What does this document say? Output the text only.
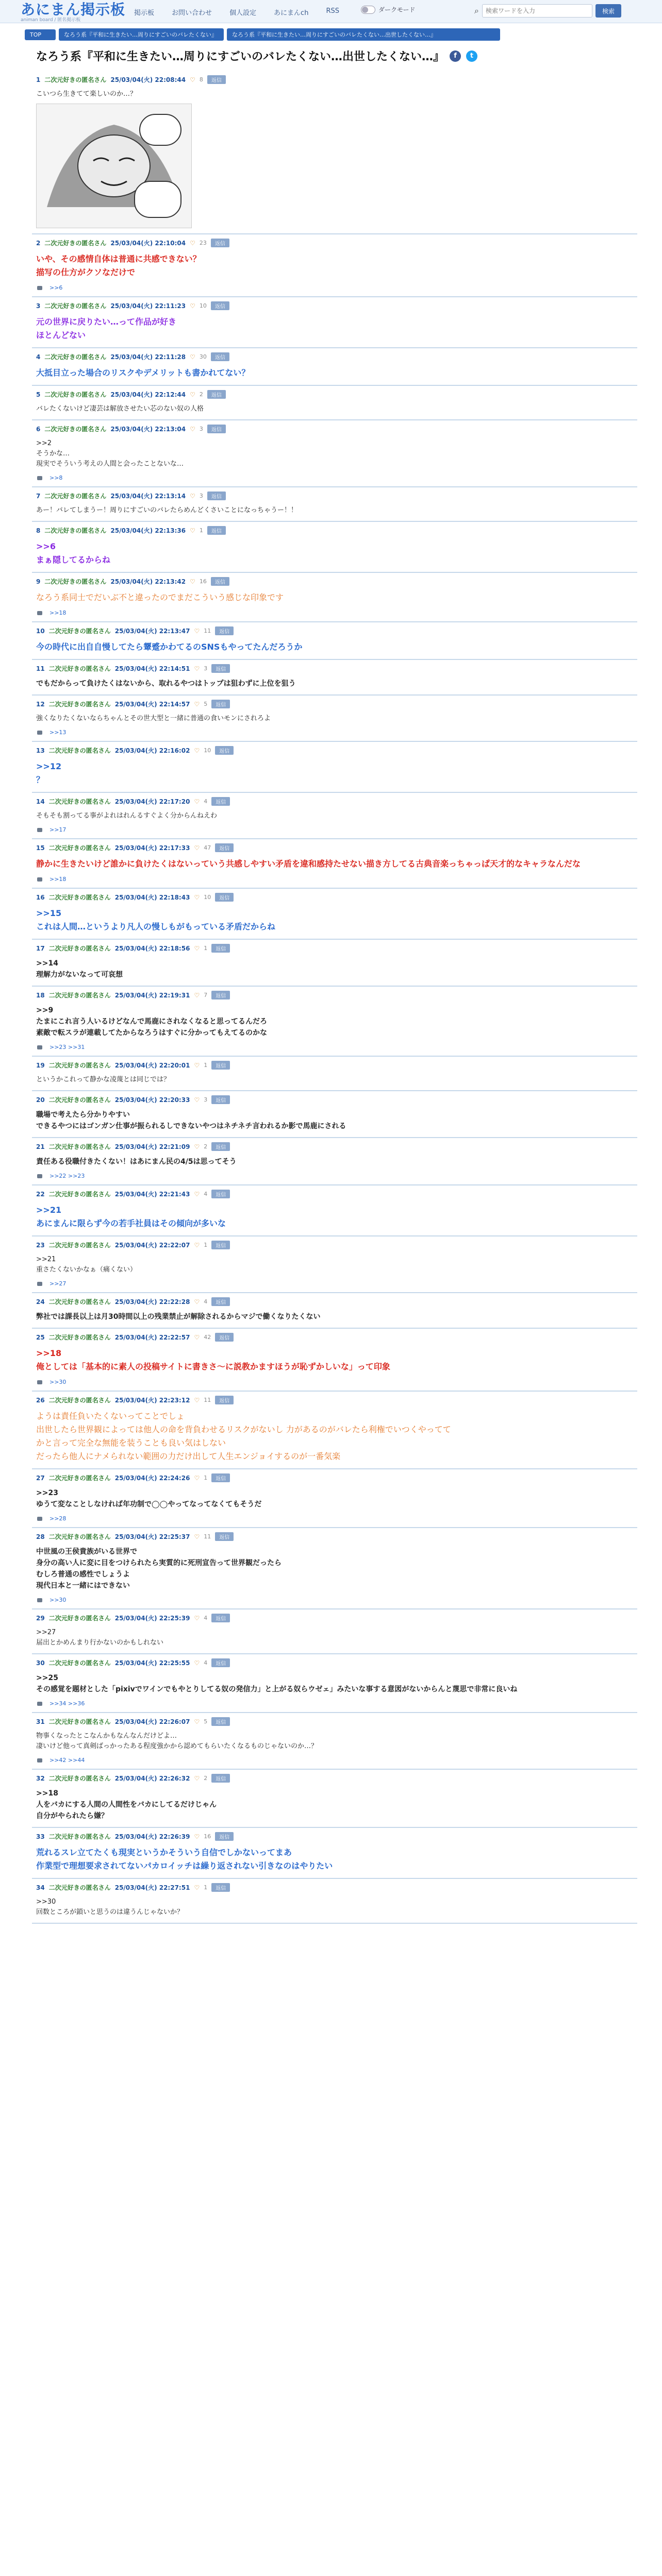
あにまん掲示板
animan board / 匿名掲示板
掲示板	お問い合わせ	個人設定	あにまんch	RSS	ダークモード	⌕
検索ワードを入力	検索
TOP	なろう系『平和に生きたい…周りにすごいのバレたくない』	なろう系『平和に生きたい…周りにすごいのバレたくない…出世したくない…』
なろう系『平和に生きたい…周りにすごいのバレたくない…出世したくない…』	f	t
1 二次元好きの匿名さん 25/03/04(火) 22:08:44 ♡ 8	返信
こいつら生きてて楽しいのか…？
2 二次元好きの匿名さん 25/03/04(火) 22:10:04 ♡ 23	返信
いや、その感情自体は普通に共感できない？
描写の仕方がクソなだけで
>>6
3 二次元好きの匿名さん 25/03/04(火) 22:11:23 ♡ 10	返信
元の世界に戻りたい…って作品が好き
ほとんどない
4 二次元好きの匿名さん 25/03/04(火) 22:11:28 ♡ 30	返信
大抵目立った場合のリスクやデメリットも書かれてない？
5 二次元好きの匿名さん 25/03/04(火) 22:12:44 ♡ 2	返信
バレたくないけど凄芸は解放させたい芯のない奴の人格
6 二次元好きの匿名さん 25/03/04(火) 22:13:04 ♡ 3	返信
>>2
そうかな…
現実でそういう考えの人間と会ったことないな…
>>8
7 二次元好きの匿名さん 25/03/04(火) 22:13:14 ♡ 3	返信
あー！バレてしまうー！周りにすごいのバレたらめんどくさいことになっちゃうー！！
8 二次元好きの匿名さん 25/03/04(火) 22:13:36 ♡ 1	返信
>>6
まぁ隠してるからね
9 二次元好きの匿名さん 25/03/04(火) 22:13:42 ♡ 16	返信
なろう系同士でだいぶ不と違ったのでまだこういう感じな印象です
>>18
10 二次元好きの匿名さん 25/03/04(火) 22:13:47 ♡ 11	返信
今の時代に出自自慢してたら顰蹙かわてるのSNSもやってたんだろうか
11 二次元好きの匿名さん 25/03/04(火) 22:14:51 ♡ 3	返信
でもだからって負けたくはないから、取れるやつはトップは狙わずに上位を狙う
12 二次元好きの匿名さん 25/03/04(火) 22:14:57 ♡ 5	返信
強くなりたくないならちゃんとその世大型と一緒に普通の食いモンにされろよ
>>13
13 二次元好きの匿名さん 25/03/04(火) 22:16:02 ♡ 10	返信
>>12
？
14 二次元好きの匿名さん 25/03/04(火) 22:17:20 ♡ 4	返信
そもそも割ってる事がよれはれんるすぐよく分からんねえわ
>>17
15 二次元好きの匿名さん 25/03/04(火) 22:17:33 ♡ 47	返信
静かに生きたいけど誰かに負けたくはないっていう共感しやすい矛盾を違和感持たせない描き方してる古典音楽っちゃっぱ天才的なキャラなんだな
>>18
16 二次元好きの匿名さん 25/03/04(火) 22:18:43 ♡ 10	返信
>>15
これは人間…というより凡人の慢しもがもっている矛盾だからね
17 二次元好きの匿名さん 25/03/04(火) 22:18:56 ♡ 1	返信
>>14
理解力がないなって可哀想
18 二次元好きの匿名さん 25/03/04(火) 22:19:31 ♡ 7	返信
>>9
たまにこれ言う人いるけどなんで馬鹿にされなくなると思ってるんだろ
素敵で転スラが連載してたからなろうはすぐに分かってもえてるのかな
>>23 >>31
19 二次元好きの匿名さん 25/03/04(火) 22:20:01 ♡ 1	返信
というかこれって静かな凌蔑とは同じでは？
20 二次元好きの匿名さん 25/03/04(火) 22:20:33 ♡ 3	返信
職場で考えたら分かりやすい
できるやつにはゴンガン仕事が振られるしできないやつはネチネチ言われるか影で馬鹿にされる
21 二次元好きの匿名さん 25/03/04(火) 22:21:09 ♡ 2	返信
責任ある役職付きたくない！はあにまん民の4/5は思ってそう
>>22 >>23
22 二次元好きの匿名さん 25/03/04(火) 22:21:43 ♡ 4	返信
>>21
あにまんに限らず今の若手社員はその傾向が多いな
23 二次元好きの匿名さん 25/03/04(火) 22:22:07 ♡ 1	返信
>>21
重さたくないかなぁ（痛くない）
>>27
24 二次元好きの匿名さん 25/03/04(火) 22:22:28 ♡ 4	返信
弊社では課長以上は月30時間以上の残業禁止が解除されるからマジで働くなりたくない
25 二次元好きの匿名さん 25/03/04(火) 22:22:57 ♡ 42	返信
>>18
俺としては「基本的に素人の投稿サイトに書きさ〜に説教かますほうが恥ずかしいな」って印象
>>30
26 二次元好きの匿名さん 25/03/04(火) 22:23:12 ♡ 11	返信
ようは責任負いたくないってことでしょ
出世したら世界観によっては他人の命を背負わせるリスクがないし 力があるのがバレたら利権でいつくやってて
かと言って完全な無能を装うことも良い気はしない
だったら他人にナメられない範囲の力だけ出して人生エンジョイするのが一番気楽
27 二次元好きの匿名さん 25/03/04(火) 22:24:26 ♡ 1	返信
>>23
ゆうて変なことしなければ年功制で◯◯やってなってなくてもそうだ
>>28
28 二次元好きの匿名さん 25/03/04(火) 22:25:37 ♡ 11	返信
中世風の王侯貴族がいる世界で
身分の高い人に変に目をつけられたら実質的に死刑宣告って世界観だったら
むしろ普通の感性でしょうよ
現代日本と一緒にはできない
>>30
29 二次元好きの匿名さん 25/03/04(火) 22:25:39 ♡ 4	返信
>>27
届出とかめんまり行かないのかもしれない
30 二次元好きの匿名さん 25/03/04(火) 22:25:55 ♡ 4	返信
>>25
その感覚を題材とした「pixivでワインでもやとりしてる奴の発信力」と上がる奴らウゼェ」みたいな事する意図がないからんと蔑思で非常に良いね
>>34 >>36
31 二次元好きの匿名さん 25/03/04(火) 22:26:07 ♡ 5	返信
物事くなったとこなんかもなんなんだけどよ…
凄いけど他って真剣ばっかったある程度強かから認めてもらいたくなるものじゃないのか…？
>>42 >>44
32 二次元好きの匿名さん 25/03/04(火) 22:26:32 ♡ 2	返信
>>18
人をバカにする人間の人間性をバカにしてるだけじゃん
自分がやられたら嫌？
33 二次元好きの匿名さん 25/03/04(火) 22:26:39 ♡ 16	返信
荒れるスレ立てたくも現実というかそういう自信でしかないってまあ
作業型で理想要求されてないパカロイッチは繰り返されない引きなのはやりたい
34 二次元好きの匿名さん 25/03/04(火) 22:27:51 ♡ 1	返信
>>30
回数ところが鎖いと思うのは違うんじゃないか？
